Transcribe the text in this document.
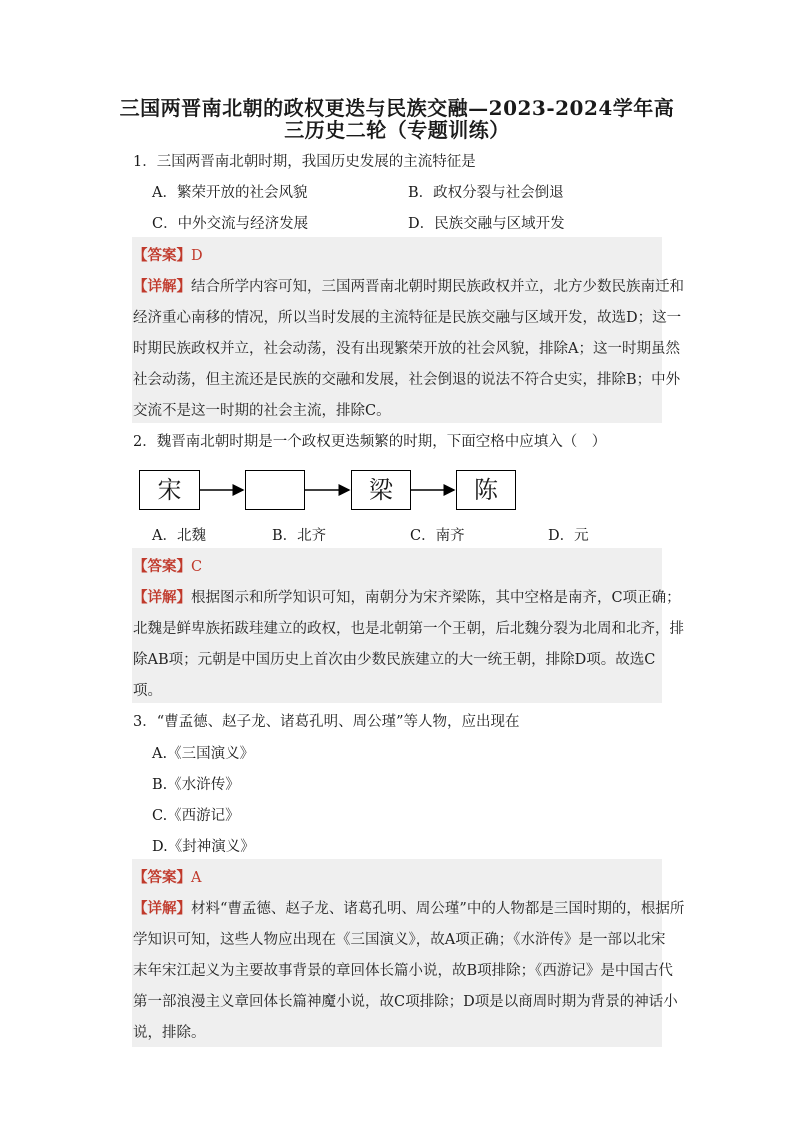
三国两晋南北朝的政权更迭与民族交融—2023-2024学年高
三历史二轮（专题训练）
1．三国两晋南北朝时期，我国历史发展的主流特征是
A．繁荣开放的社会风貌	B．政权分裂与社会倒退
C．中外交流与经济发展	D．民族交融与区域开发
【答案】D
【详解】结合所学内容可知，三国两晋南北朝时期民族政权并立，北方少数民族南迁和
经济重心南移的情况，所以当时发展的主流特征是民族交融与区域开发，故选D；这一
时期民族政权并立，社会动荡，没有出现繁荣开放的社会风貌，排除A；这一时期虽然
社会动荡，但主流还是民族的交融和发展，社会倒退的说法不符合史实，排除B；中外
交流不是这一时期的社会主流，排除C。
2．魏晋南北朝时期是一个政权更迭频繁的时期，下面空格中应填入（　）
宋	梁	陈
A．北魏	B．北齐	C．南齐	D．元
【答案】C
【详解】根据图示和所学知识可知，南朝分为宋齐梁陈，其中空格是南齐，C项正确；
北魏是鲜卑族拓跋珪建立的政权，也是北朝第一个王朝，后北魏分裂为北周和北齐，排
除AB项；元朝是中国历史上首次由少数民族建立的大一统王朝，排除D项。故选C
项。
3．“曹孟德、赵子龙、诸葛孔明、周公瑾”等人物，应出现在
A.《三国演义》
B.《水浒传》
C.《西游记》
D.《封神演义》
【答案】A
【详解】材料“曹孟德、赵子龙、诸葛孔明、周公瑾”中的人物都是三国时期的，根据所
学知识可知，这些人物应出现在《三国演义》，故A项正确；《水浒传》是一部以北宋
末年宋江起义为主要故事背景的章回体长篇小说，故B项排除；《西游记》是中国古代
第一部浪漫主义章回体长篇神魔小说，故C项排除；D项是以商周时期为背景的神话小
说，排除。
